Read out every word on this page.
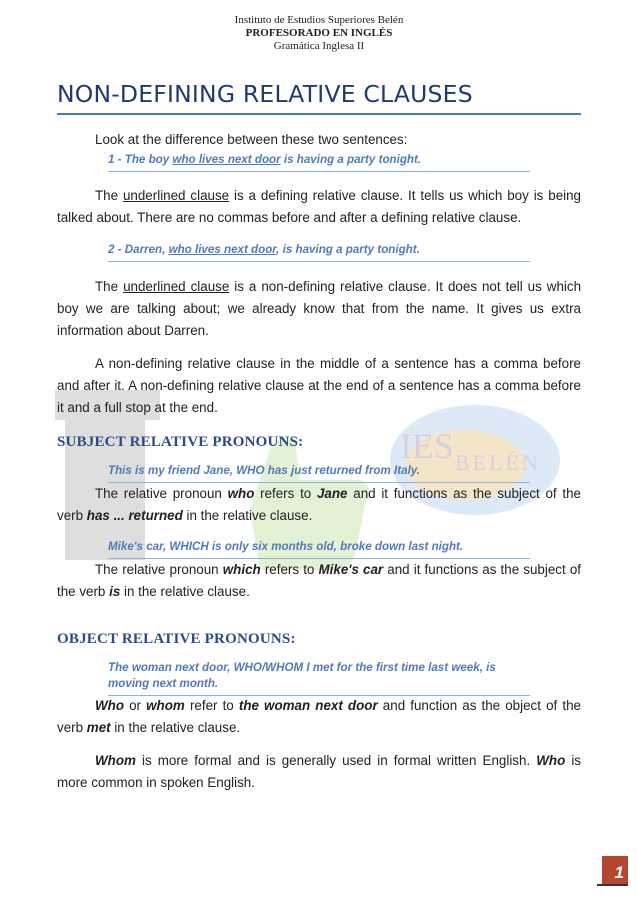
IES BELÉN
Instituto de Estudios Superiores Belén
PROFESORADO EN INGLÉS
Gramática Inglesa II
NON-DEFINING RELATIVE CLAUSES
Look at the difference between these two sentences:
1 - The boy who lives next door is having a party tonight.
The underlined clause is a defining relative clause. It tells us which boy is being talked about. There are no commas before and after a defining relative clause.
2 - Darren, who lives next door, is having a party tonight.
The underlined clause is a non-defining relative clause. It does not tell us which boy we are talking about; we already know that from the name. It gives us extra information about Darren.
A non-defining relative clause in the middle of a sentence has a comma before and after it. A non-defining relative clause at the end of a sentence has a comma before it and a full stop at the end.
SUBJECT RELATIVE PRONOUNS:
This is my friend Jane, WHO has just returned from Italy.
The relative pronoun who refers to Jane and it functions as the subject of the verb has ... returned in the relative clause.
Mike's car, WHICH is only six months old, broke down last night.
The relative pronoun which refers to Mike's car and it functions as the subject of the verb is in the relative clause.
OBJECT RELATIVE PRONOUNS:
The woman next door, WHO/WHOM I met for the first time last week, is
moving next month.
Who or whom refer to the woman next door and function as the object of the verb met in the relative clause.
Whom is more formal and is generally used in formal written English. Who is more common in spoken English.
1
